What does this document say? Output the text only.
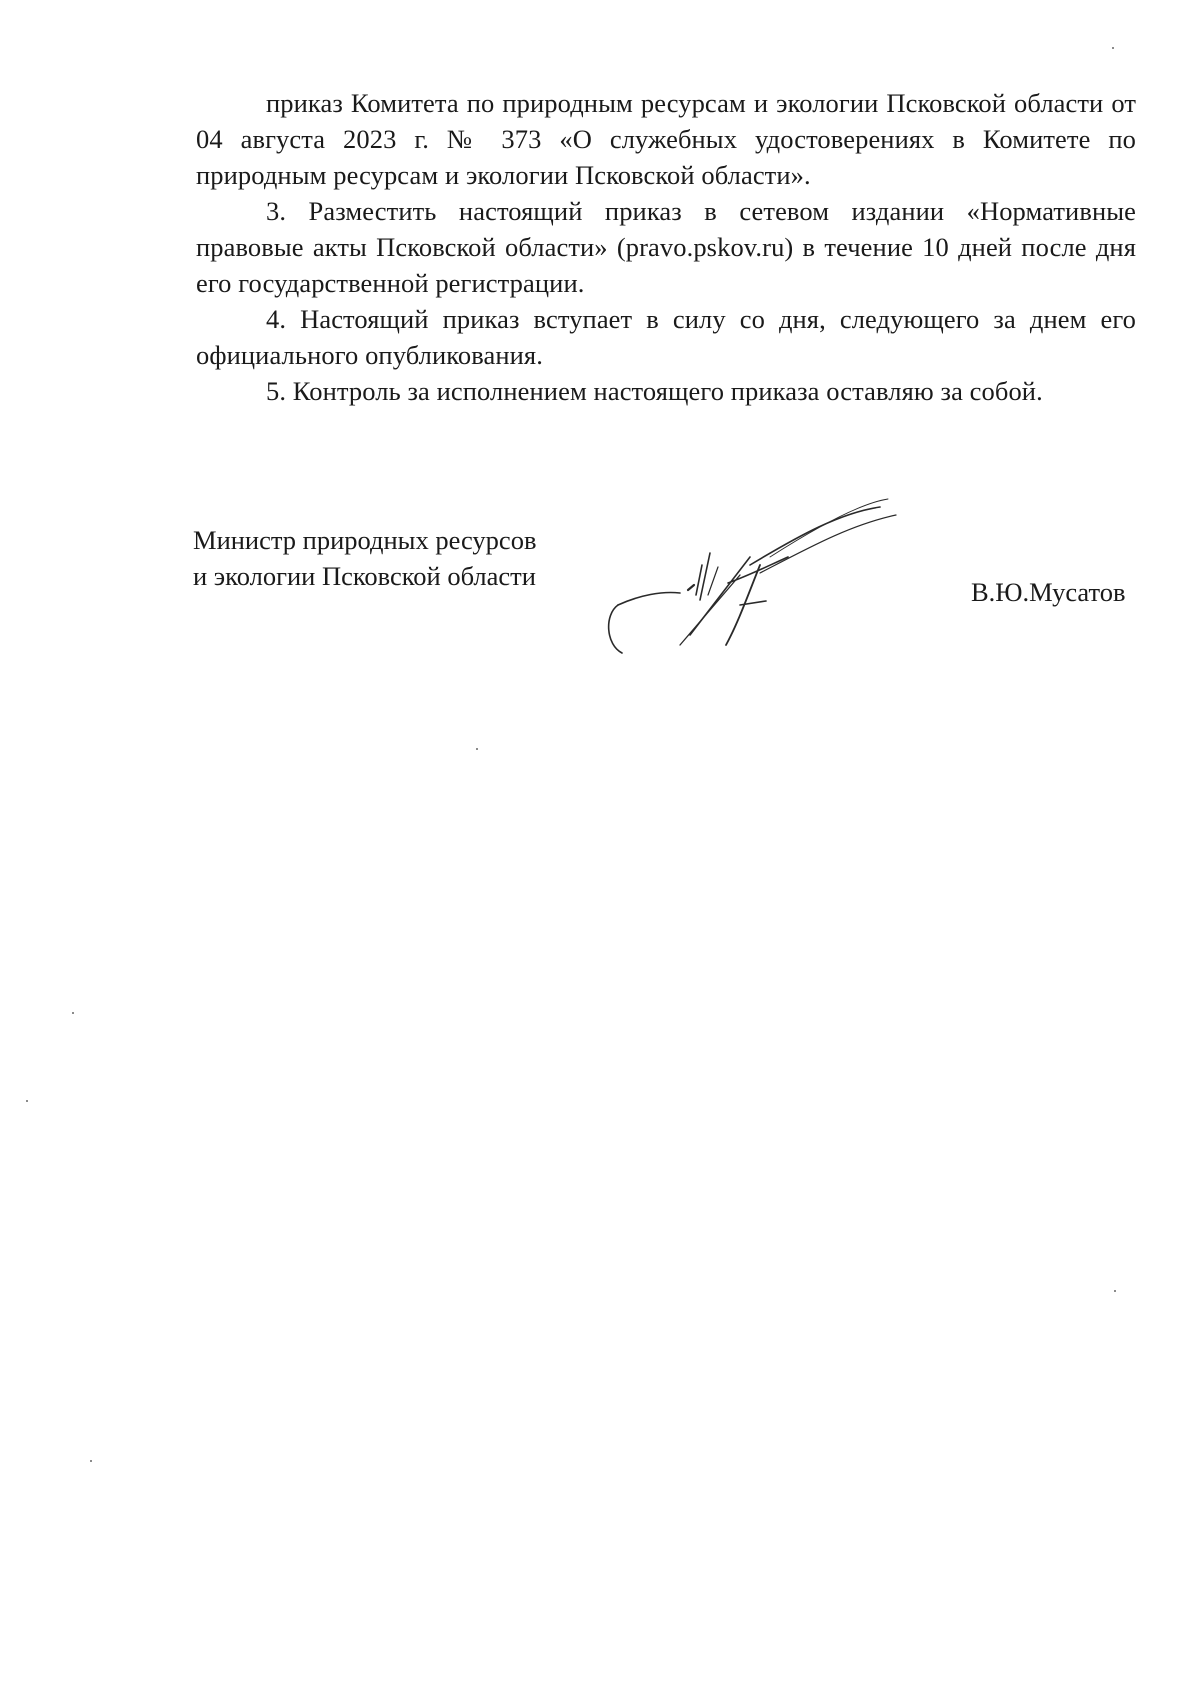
приказ Комитета по природным ресурсам и экологии Псковской области от 04 августа 2023 г. № 373 «О служебных удостоверениях в Комитете по природным ресурсам и экологии Псковской области».

3. Разместить настоящий приказ в сетевом издании «Нормативные правовые акты Псковской области» (pravo.pskov.ru) в течение 10 дней после дня его государственной регистрации.

4. Настоящий приказ вступает в силу со дня, следующего за днем его официального опубликования.

5. Контроль за исполнением настоящего приказа оставляю за собой.

Министр природных ресурсов
и экологии Псковской области
В.Ю.Мусатов
